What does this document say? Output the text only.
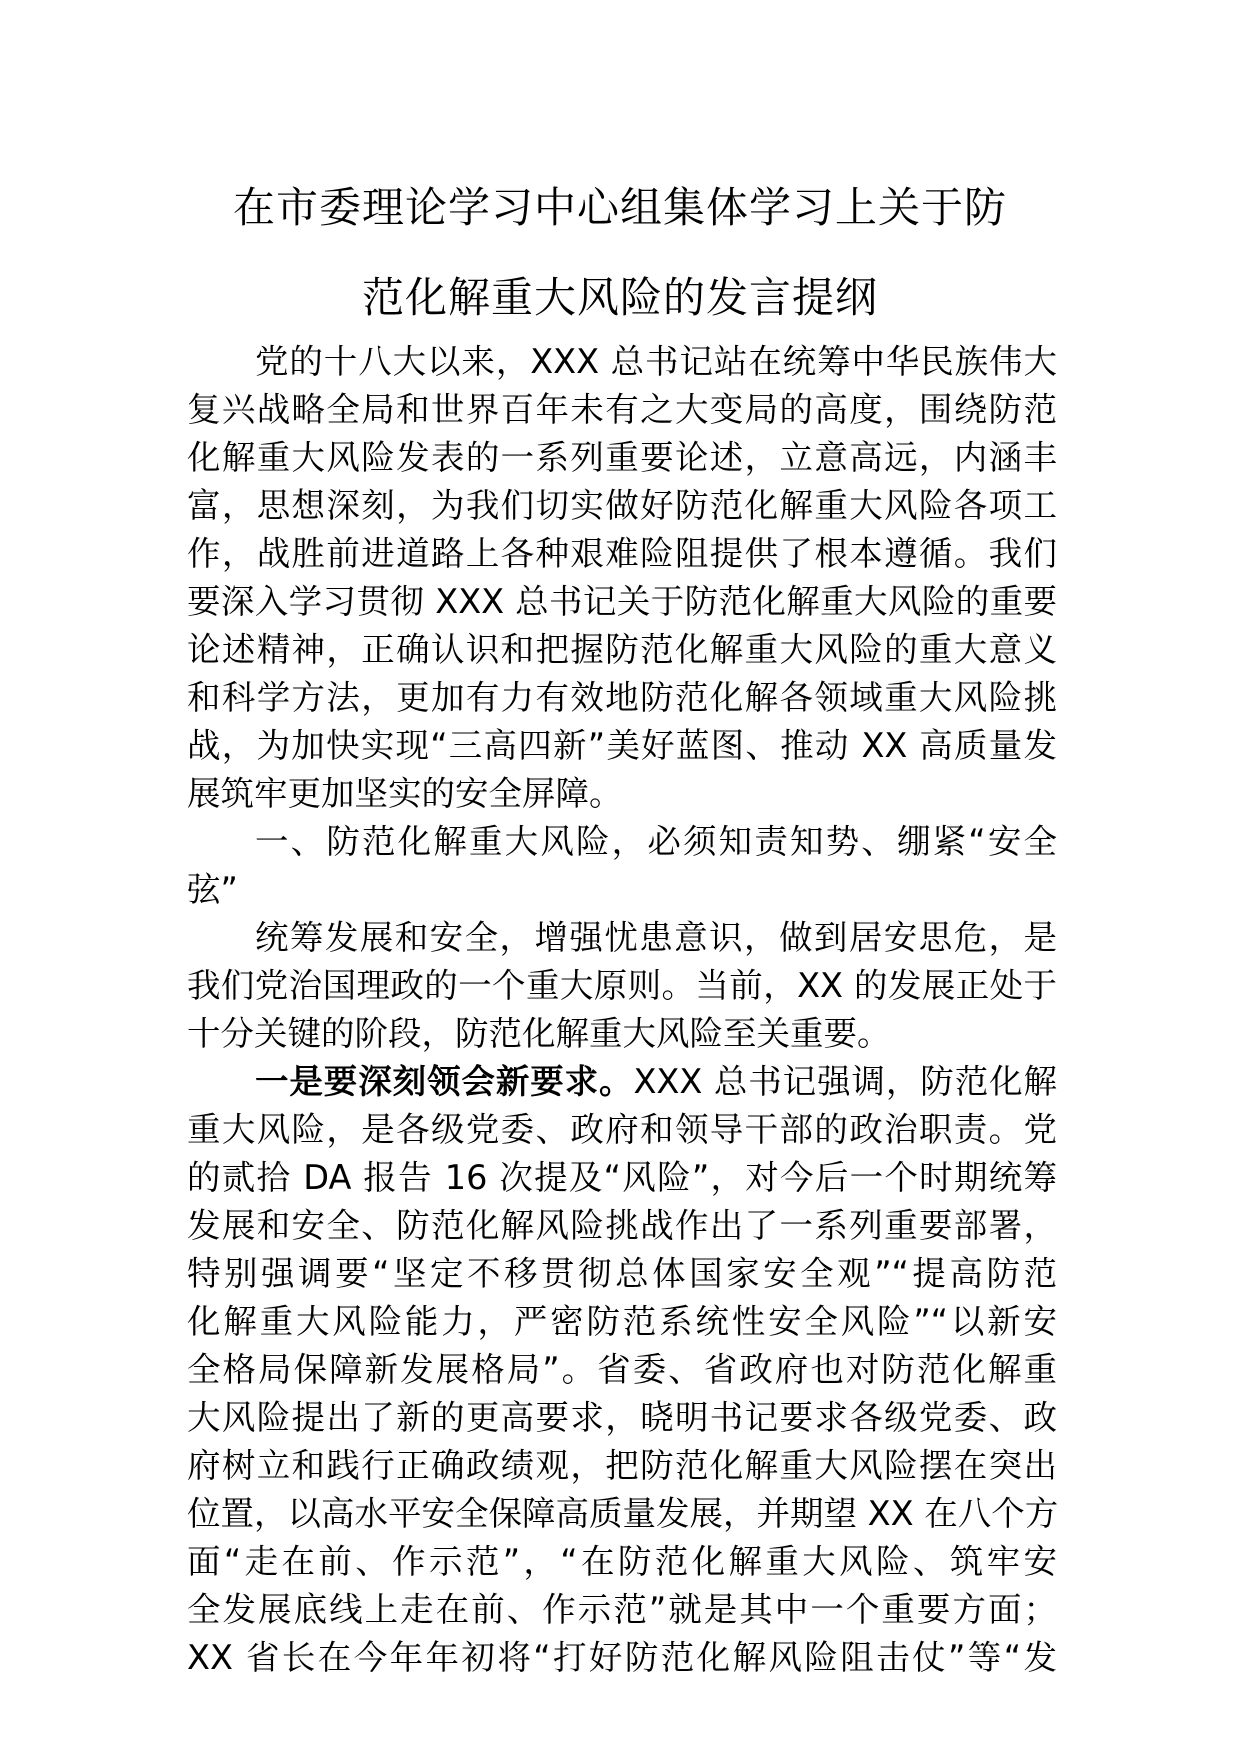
在市委理论学习中心组集体学习上关于防
范化解重大风险的发言提纲
党的十八大以来，XXX 总书记站在统筹中华民族伟大
复兴战略全局和世界百年未有之大变局的高度，围绕防范
化解重大风险发表的一系列重要论述，立意高远，内涵丰
富，思想深刻，为我们切实做好防范化解重大风险各项工
作，战胜前进道路上各种艰难险阻提供了根本遵循。我们
要深入学习贯彻 XXX 总书记关于防范化解重大风险的重要
论述精神，正确认识和把握防范化解重大风险的重大意义
和科学方法，更加有力有效地防范化解各领域重大风险挑
战，为加快实现“三高四新”美好蓝图、推动 XX 高质量发
展筑牢更加坚实的安全屏障。
一、防范化解重大风险，必须知责知势、绷紧“安全
弦”
统筹发展和安全，增强忧患意识，做到居安思危，是
我们党治国理政的一个重大原则。当前，XX 的发展正处于
十分关键的阶段，防范化解重大风险至关重要。
一是要深刻领会新要求。XXX 总书记强调，防范化解
重大风险，是各级党委、政府和领导干部的政治职责。党
的贰拾 DA 报告 16 次提及“风险”，对今后一个时期统筹
发展和安全、防范化解风险挑战作出了一系列重要部署，
特别强调要“坚定不移贯彻总体国家安全观”“提高防范
化解重大风险能力，严密防范系统性安全风险”“以新安
全格局保障新发展格局”。省委、省政府也对防范化解重
大风险提出了新的更高要求，晓明书记要求各级党委、政
府树立和践行正确政绩观，把防范化解重大风险摆在突出
位置，以高水平安全保障高质量发展，并期望 XX 在八个方
面“走在前、作示范”，“在防范化解重大风险、筑牢安
全发展底线上走在前、作示范”就是其中一个重要方面；
XX 省长在今年年初将“打好防范化解风险阻击仗”等“发
